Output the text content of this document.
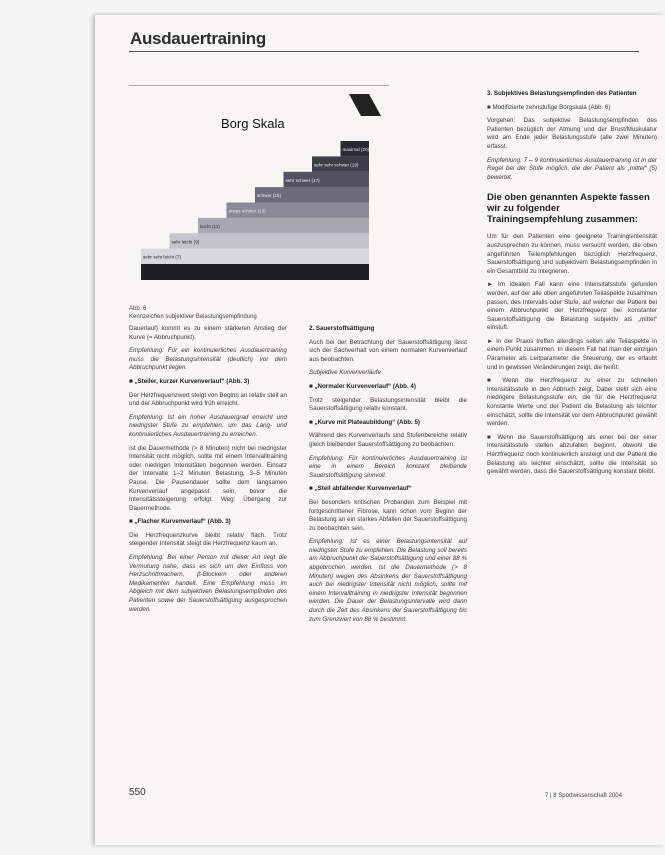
Ausdauertraining
Borg Skala
sehr sehr leicht (7)
sehr leicht (9)
leicht (11)
etwas schwer (13)
schwer (15)
sehr schwer (17)
sehr sehr schwer (19)
maximal (20)
Abb. 6
Kennzeichen subjektiver Belastungsempfindung

Dauerlauf) kommt es zu einem stärkeren Anstieg der Kurve (= Abbruchpunkt).

Empfehlung: Für ein kontinuierliches Ausdauertraining muss die Belastungsintensität (deutlich) vor dem Abbruchpunkt liegen.

■ „Steiler, kurzer Kurvenverlauf“ (Abb. 3)

Der Herzfrequenzwert steigt von Beginn an relativ steil an und der Abbruchpunkt wird früh erreicht.

Empfehlung: Ist ein hoher Ausdauergrad erreicht und niedrigster Stufe zu empfehlen, um das Lang- und kontinuierliches Ausdauertraining zu erreichen.

Ist die Dauermethode (> 8 Minuten) nicht bei niedrigster Intensität nicht möglich, sollte mit einem Intervalltraining oder niedrigen Intensitäten begonnen werden. Einsatz der Intervalle 1–2 Minuten Belastung, 3–5 Minuten Pause. Die Pausendauer sollte dem langsamen Kurvenverlauf angepasst sein, bevor die Intensitätssteigerung erfolgt. Weg: Übergang zur Dauermethode.

■ „Flacher Kurvenverlauf“ (Abb. 3)

Die Herzfrequenzkurve bleibt relativ flach. Trotz steigender Intensität steigt die Herzfrequenz kaum an.

Empfehlung: Bei einer Person mit dieser Art liegt die Vermutung nahe, dass es sich um den Einfluss von Herzschrittmachern, β-Blockern oder anderen Medikamenten handelt. Eine Empfehlung muss im Abgleich mit dem subjektiven Belastungsempfinden des Patienten sowie der Sauerstoffsättigung ausgesprochen werden.

2. Sauerstoffsättigung

Auch bei der Betrachtung der Sauerstoffsättigung lässt sich der Sachverhalt von einem normalen Kurvenverlauf aus beobachten.

Subjektive Kurvenverläufe

■ „Normaler Kurvenverlauf“ (Abb. 4)

Trotz steigender Belastungsintensität bleibt die Sauerstoffsättigung relativ konstant.

■ „Kurve mit Plateaubildung“ (Abb. 5)

Während des Kurvenverlaufs sind Stufenbereiche relativ gleich bleibender Sauerstoffsättigung zu beobachten.

Empfehlung: Für kontinuierliches Ausdauertraining ist eine in einem Bereich konstant bleibende Sauerstoffsättigung sinnvoll.

■ „Steil abfallender Kurvenverlauf“

Bei besonders kritischen Probanden zum Beispiel mit fortgeschrittener Fibrose, kann schon vom Beginn der Belastung an ein starkes Abfallen der Sauerstoffsättigung zu beobachten sein.

Empfehlung: Ist es einer Belastungsintensität auf niedrigster Stufe zu empfehlen. Die Belastung soll bereits am Abbruchpunkt der Sauerstoffsättigung und einer 88 % abgebrochen werden. Ist die Dauermethode (> 8 Minuten) wegen des Absinkens der Sauerstoffsättigung auch bei niedrigster Intensität nicht möglich, sollte mit einem Intervalltraining in niedrigster Intensität begonnen werden. Die Dauer der Belastungsintervalle wird dann durch die Zeit des Absinkens der Sauerstoffsättigung bis zum Grenzwert von 88 % bestimmt.

3. Subjektives Belastungsempfinden des Patienten

■ Modifizierte zehnstufige Borgskala (Abb. 6)

Vorgehen: Das subjektive Belastungsempfinden des Patienten bezüglich der Atmung und der Brust/Muskulatur wird am Ende jeder Belastungsstufe (alle zwei Minuten) erfasst.

Empfehlung: 7 – 9 kontinuierliches Ausdauertraining ist in der Regel bei der Stufe möglich, die der Patient als „mittel“ (5) bewertet.

Die oben genannten Aspekte fassen wir zu folgender Trainingsempfehlung zusammen:

Um für den Patienten eine geeignete Trainingsintensität auszusprechen zu können, muss versucht werden, die oben angeführten Teilempfehlungen bezüglich Herzfrequenz, Sauerstoffsättigung und subjektivem Belastungsempfinden in ein Gesamtbild zu integrieren.

► Im idealen Fall kann eine Intensitätsstufe gefunden werden, auf der alle oben angeführten Teilaspekte zusammen passen, des Intervalls oder Stufe, auf welcher der Patient bei einem Abbruchpunkt der Herzfrequenz bei konstanter Sauerstoffsättigung die Belastung subjektiv als „mittel“ einstuft.

► In der Praxis treffen allerdings selten alle Teilaspekte in einem Punkt zusammen. In diesem Fall hat man der einzigen Parameter als Leitparameter die Steuerung, der es erlaubt und in gewissen Veränderungen zeigt, die heißt:

■ Wenn die Herzfrequenz zu einer zu schnellen Intensitätsstufe in den Abbruch zeigt, Dabei stellt sich eine niedrigere Belastungsstufe ein, die für die Herzfrequenz konstante Werte und der Patient die Belastung als leichter einschätzt, sollte die Intensität vor dem Abbruchpunkt gewählt werden.

■ Wenn die Sauerstoffsättigung als einer bei der einer Intensitätsstufe stellen abzufallen beginnt, obwohl die Herzfrequenz noch kontinuierlich ansteigt und der Patient die Belastung als leichter einschätzt, sollte die Intensität so gewählt werden, dass die Sauerstoffsättigung konstant bleibt.

550	7 | 8 Sportwissenschaft 2004
